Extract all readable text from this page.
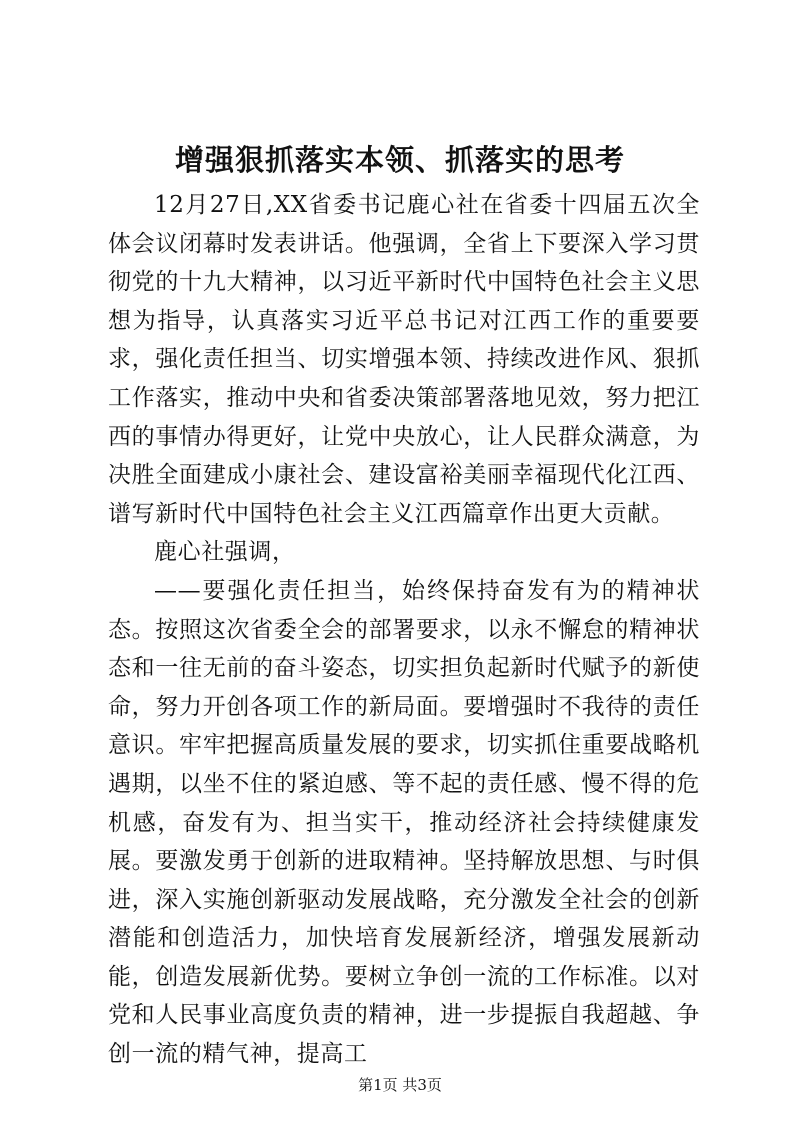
增强狠抓落实本领、抓落实的思考

12月27日,XX省委书记鹿心社在省委十四届五次全体会议闭幕时发表讲话。他强调，全省上下要深入学习贯彻党的十九大精神，以习近平新时代中国特色社会主义思想为指导，认真落实习近平总书记对江西工作的重要要求，强化责任担当、切实增强本领、持续改进作风、狠抓工作落实，推动中央和省委决策部署落地见效，努力把江西的事情办得更好，让党中央放心，让人民群众满意，为决胜全面建成小康社会、建设富裕美丽幸福现代化江西、谱写新时代中国特色社会主义江西篇章作出更大贡献。

鹿心社强调，

——要强化责任担当，始终保持奋发有为的精神状态。按照这次省委全会的部署要求，以永不懈怠的精神状态和一往无前的奋斗姿态，切实担负起新时代赋予的新使命，努力开创各项工作的新局面。要增强时不我待的责任意识。牢牢把握高质量发展的要求，切实抓住重要战略机遇期，以坐不住的紧迫感、等不起的责任感、慢不得的危机感，奋发有为、担当实干，推动经济社会持续健康发展。要激发勇于创新的进取精神。坚持解放思想、与时俱进，深入实施创新驱动发展战略，充分激发全社会的创新潜能和创造活力，加快培育发展新经济，增强发展新动能，创造发展新优势。要树立争创一流的工作标准。以对党和人民事业高度负责的精神，进一步提振自我超越、争创一流的精气神，提高工

第1页 共3页
